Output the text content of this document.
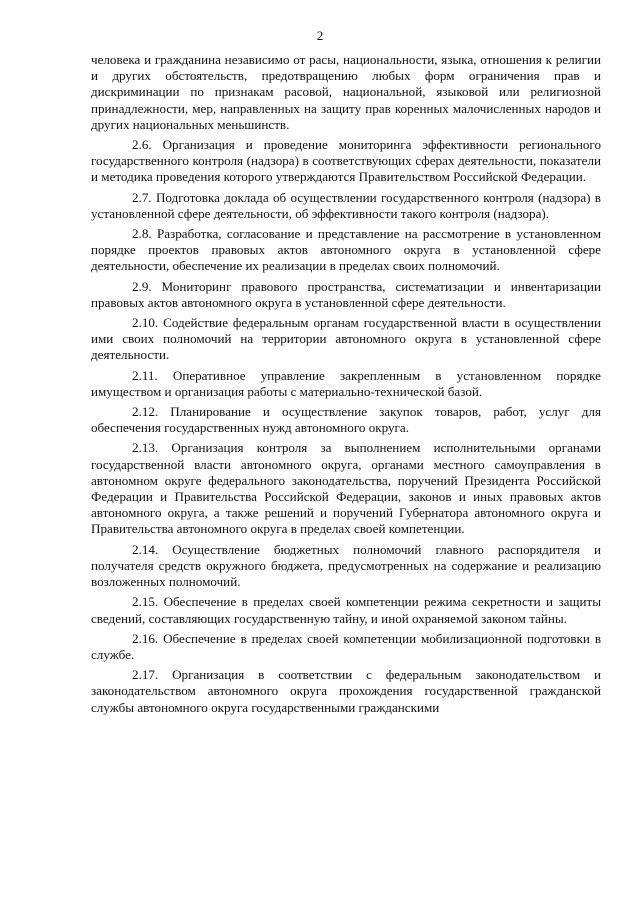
2

человека и гражданина независимо от расы, национальности, языка, отношения к религии и других обстоятельств, предотвращению любых форм ограничения прав и дискриминации по признакам расовой, национальной, языковой или религиозной принадлежности, мер, направленных на защиту прав коренных малочисленных народов и других национальных меньшинств.

2.6. Организация и проведение мониторинга эффективности регионального государственного контроля (надзора) в соответствующих сферах деятельности, показатели и методика проведения которого утверждаются Правительством Российской Федерации.

2.7. Подготовка доклада об осуществлении государственного контроля (надзора) в установленной сфере деятельности, об эффективности такого контроля (надзора).

2.8. Разработка, согласование и представление на рассмотрение в установленном порядке проектов правовых актов автономного округа в установленной сфере деятельности, обеспечение их реализации в пределах своих полномочий.

2.9. Мониторинг правового пространства, систематизации и инвентаризации правовых актов автономного округа в установленной сфере деятельности.

2.10. Содействие федеральным органам государственной власти в осуществлении ими своих полномочий на территории автономного округа в установленной сфере деятельности.

2.11. Оперативное управление закрепленным в установленном порядке имуществом и организация работы с материально-технической базой.

2.12. Планирование и осуществление закупок товаров, работ, услуг для обеспечения государственных нужд автономного округа.

2.13. Организация контроля за выполнением исполнительными органами государственной власти автономного округа, органами местного самоуправления в автономном округе федерального законодательства, поручений Президента Российской Федерации и Правительства Российской Федерации, законов и иных правовых актов автономного округа, а также решений и поручений Губернатора автономного округа и Правительства автономного округа в пределах своей компетенции.

2.14. Осуществление бюджетных полномочий главного распорядителя и получателя средств окружного бюджета, предусмотренных на содержание и реализацию возложенных полномочий.

2.15. Обеспечение в пределах своей компетенции режима секретности и защиты сведений, составляющих государственную тайну, и иной охраняемой законом тайны.

2.16. Обеспечение в пределах своей компетенции мобилизационной подготовки в службе.

2.17. Организация в соответствии с федеральным законодательством и законодательством автономного округа прохождения государственной гражданской службы автономного округа государственными гражданскими
